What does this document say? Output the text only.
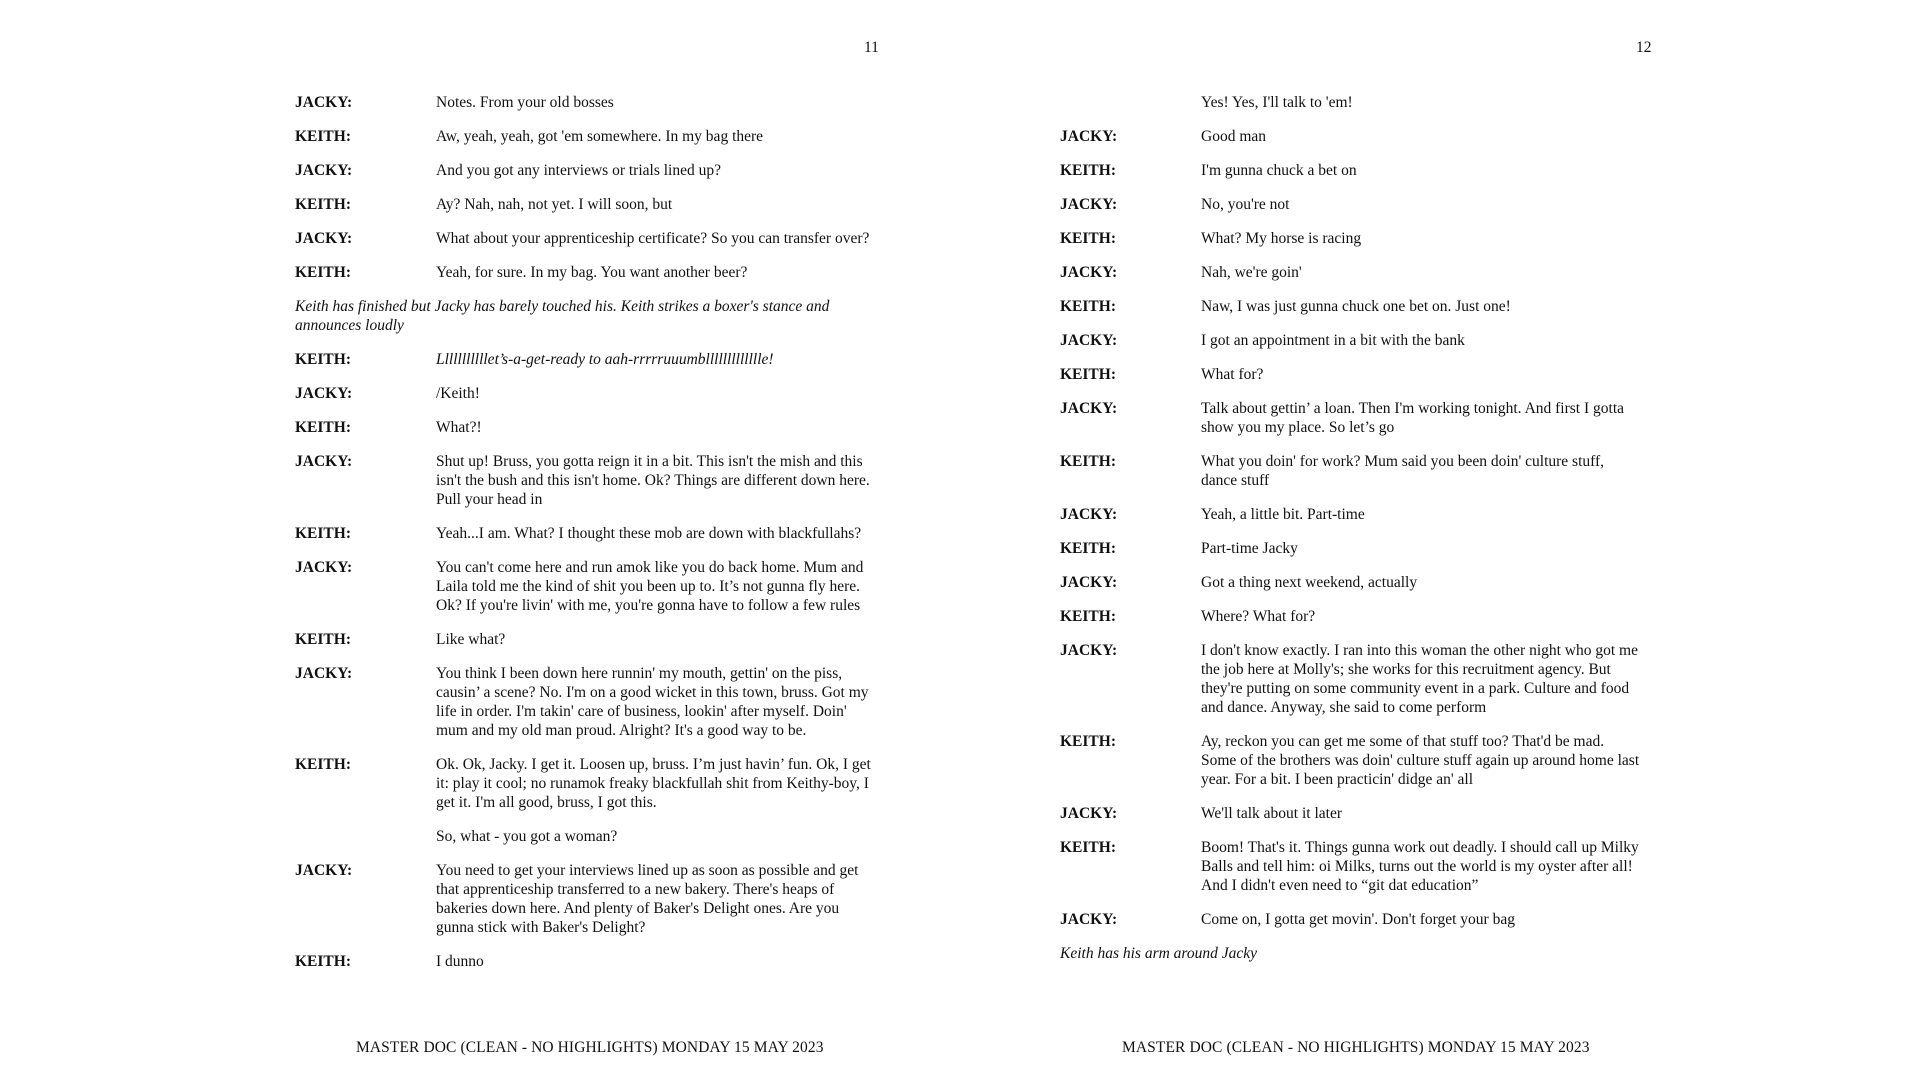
11
JACKY:	Notes. From your old bosses
KEITH:	Aw, yeah, yeah, got 'em somewhere. In my bag there
JACKY:	And you got any interviews or trials lined up?
KEITH:	Ay? Nah, nah, not yet. I will soon, but
JACKY:	What about your apprenticeship certificate? So you can transfer over?
KEITH:	Yeah, for sure. In my bag. You want another beer?
Keith has finished but Jacky has barely touched his. Keith strikes a boxer's stance and announces loudly
KEITH:	Lllllllllllet’s-a-get-ready to aah-rrrrruuumbllllllllllllle!
JACKY:	/Keith!
KEITH:	What?!
JACKY:	Shut up! Bruss, you gotta reign it in a bit. This isn't the mish and this isn't the bush and this isn't home. Ok? Things are different down here. Pull your head in
KEITH:	Yeah...I am. What? I thought these mob are down with blackfullahs?
JACKY:	You can't come here and run amok like you do back home. Mum and Laila told me the kind of shit you been up to. It’s not gunna fly here. Ok? If you're livin' with me, you're gonna have to follow a few rules
KEITH:	Like what?
JACKY:	You think I been down here runnin' my mouth, gettin' on the piss, causin’ a scene? No. I'm on a good wicket in this town, bruss. Got my life in order. I'm takin' care of business, lookin' after myself. Doin' mum and my old man proud. Alright? It's a good way to be.
KEITH:	Ok. Ok, Jacky. I get it. Loosen up, bruss. I’m just havin’ fun. Ok, I get it: play it cool; no runamok freaky blackfullah shit from Keithy-boy, I get it. I'm all good, bruss, I got this.
So, what - you got a woman?
JACKY:	You need to get your interviews lined up as soon as possible and get that apprenticeship transferred to a new bakery. There's heaps of bakeries down here. And plenty of Baker's Delight ones. Are you gunna stick with Baker's Delight?
KEITH:	I dunno
MASTER DOC (CLEAN - NO HIGHLIGHTS) MONDAY 15 MAY 2023
12
Yes! Yes, I'll talk to 'em!
JACKY:	Good man
KEITH:	I'm gunna chuck a bet on
JACKY:	No, you're not
KEITH:	What? My horse is racing
JACKY:	Nah, we're goin'
KEITH:	Naw, I was just gunna chuck one bet on. Just one!
JACKY:	I got an appointment in a bit with the bank
KEITH:	What for?
JACKY:	Talk about gettin’ a loan. Then I'm working tonight. And first I gotta show you my place. So let’s go
KEITH:	What you doin' for work? Mum said you been doin' culture stuff, dance stuff
JACKY:	Yeah, a little bit. Part-time
KEITH:	Part-time Jacky
JACKY:	Got a thing next weekend, actually
KEITH:	Where? What for?
JACKY:	I don't know exactly. I ran into this woman the other night who got me the job here at Molly's; she works for this recruitment agency. But they're putting on some community event in a park. Culture and food and dance. Anyway, she said to come perform
KEITH:	Ay, reckon you can get me some of that stuff too? That'd be mad. Some of the brothers was doin' culture stuff again up around home last year. For a bit. I been practicin' didge an' all
JACKY:	We'll talk about it later
KEITH:	Boom! That's it. Things gunna work out deadly. I should call up Milky Balls and tell him: oi Milks, turns out the world is my oyster after all! And I didn't even need to “git dat education”
JACKY:	Come on, I gotta get movin'. Don't forget your bag
Keith has his arm around Jacky
MASTER DOC (CLEAN - NO HIGHLIGHTS) MONDAY 15 MAY 2023
